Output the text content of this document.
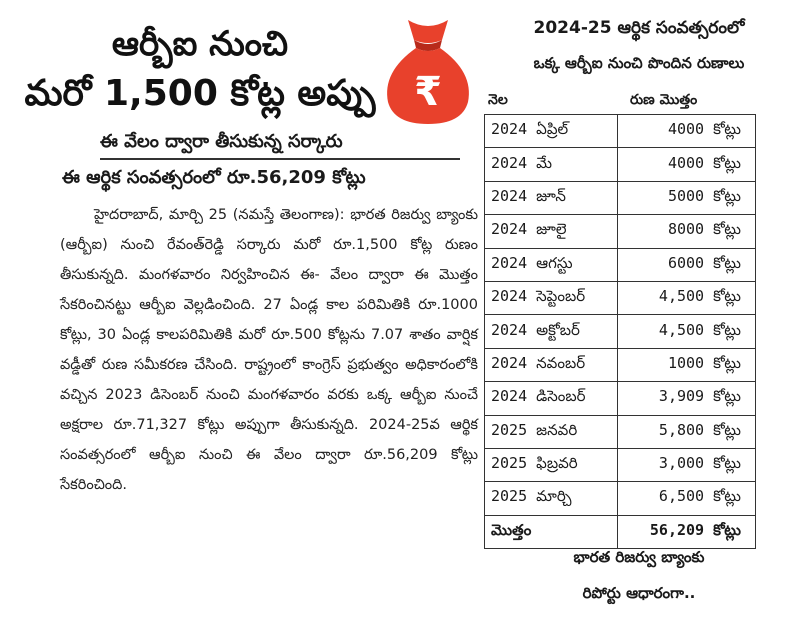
ఆర్బీఐ నుంచి
మరో 1,500 కోట్ల అప్పు ₹
ఈ వేలం ద్వారా తీసుకున్న సర్కారు
ఈ ఆర్థిక సంవత్సరంలో రూ.56,209 కోట్లు

హైదరాబాద్, మార్చి 25 (నమస్తే తెలంగాణ): భారత రిజర్వు బ్యాంకు (ఆర్బీఐ) నుంచి రేవంత్‌రెడ్డి సర్కారు మరో రూ.1,500 కోట్ల రుణం తీసుకున్నది. మంగళవారం నిర్వహించిన ఈ- వేలం ద్వారా ఈ మొత్తం సేకరించినట్టు ఆర్బీఐ వెల్లడించింది. 27 ఏండ్ల కాల పరిమితికి రూ.1000 కోట్లు, 30 ఏండ్ల కాలపరిమితికి మరో రూ.500 కోట్లను 7.07 శాతం వార్షిక వడ్డీతో రుణ సమీకరణ చేసింది. రాష్ట్రంలో కాంగ్రెస్ ప్రభుత్వం అధికారంలోకి వచ్చిన 2023 డిసెంబర్ నుంచి మంగళవారం వరకు ఒక్క ఆర్బీఐ నుంచే అక్షరాల రూ.71,327 కోట్లు అప్పుగా తీసుకున్నది. 2024-25వ ఆర్థిక సంవత్సరంలో ఆర్బీఐ నుంచి ఈ వేలం ద్వారా రూ.56,209 కోట్లు సేకరించింది.

2024-25 ఆర్థిక సంవత్సరంలో
ఒక్క ఆర్బీఐ నుంచి పొందిన రుణాలు
నెల	రుణ మొత్తం
2024 ఏప్రిల్	4000 కోట్లు
2024 మే	4000 కోట్లు
2024 జూన్	5000 కోట్లు
2024 జూలై	8000 కోట్లు
2024 ఆగస్టు	6000 కోట్లు
2024 సెప్టెంబర్	4,500 కోట్లు
2024 అక్టోబర్	4,500 కోట్లు
2024 నవంబర్	1000 కోట్లు
2024 డిసెంబర్	3,909 కోట్లు
2025 జనవరి	5,800 కోట్లు
2025 ఫిబ్రవరి	3,000 కోట్లు
2025 మార్చి	6,500 కోట్లు
మొత్తం	56,209 కోట్లు
భారత రిజర్వు బ్యాంకు
రిపోర్టు ఆధారంగా..
